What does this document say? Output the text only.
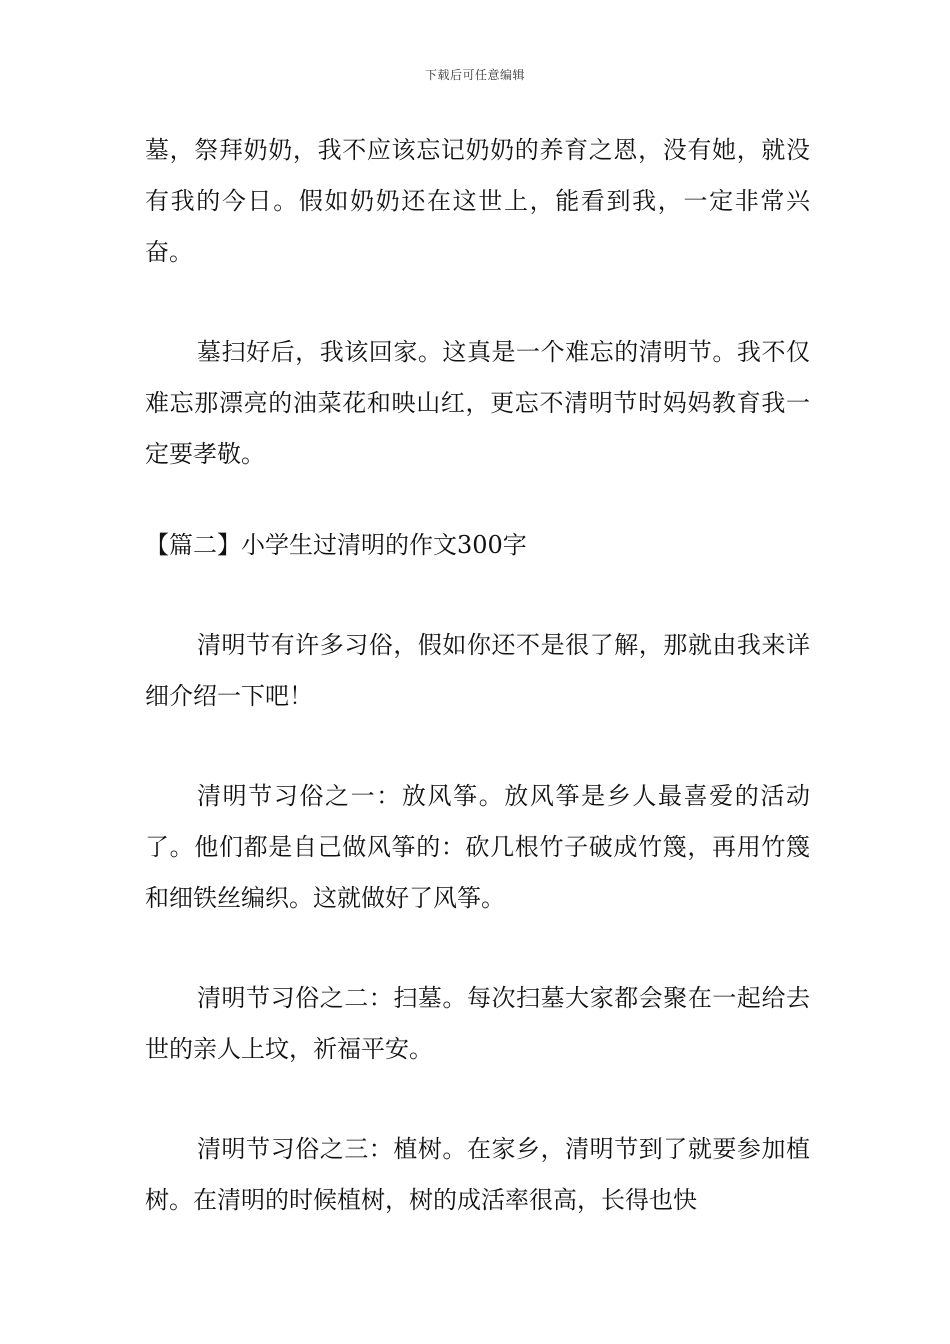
下载后可任意编辑

墓，祭拜奶奶，我不应该忘记奶奶的养育之恩，没有她，就没有我的今日。假如奶奶还在这世上，能看到我，一定非常兴奋。

墓扫好后，我该回家。这真是一个难忘的清明节。我不仅难忘那漂亮的油菜花和映山红，更忘不清明节时妈妈教育我一定要孝敬。

【篇二】小学生过清明的作文300字

清明节有许多习俗，假如你还不是很了解，那就由我来详细介绍一下吧！

清明节习俗之一：放风筝。放风筝是乡人最喜爱的活动了。他们都是自己做风筝的：砍几根竹子破成竹篾，再用竹篾和细铁丝编织。这就做好了风筝。

清明节习俗之二：扫墓。每次扫墓大家都会聚在一起给去世的亲人上坟，祈福平安。

清明节习俗之三：植树。在家乡，清明节到了就要参加植树。在清明的时候植树，树的成活率很高，长得也快
